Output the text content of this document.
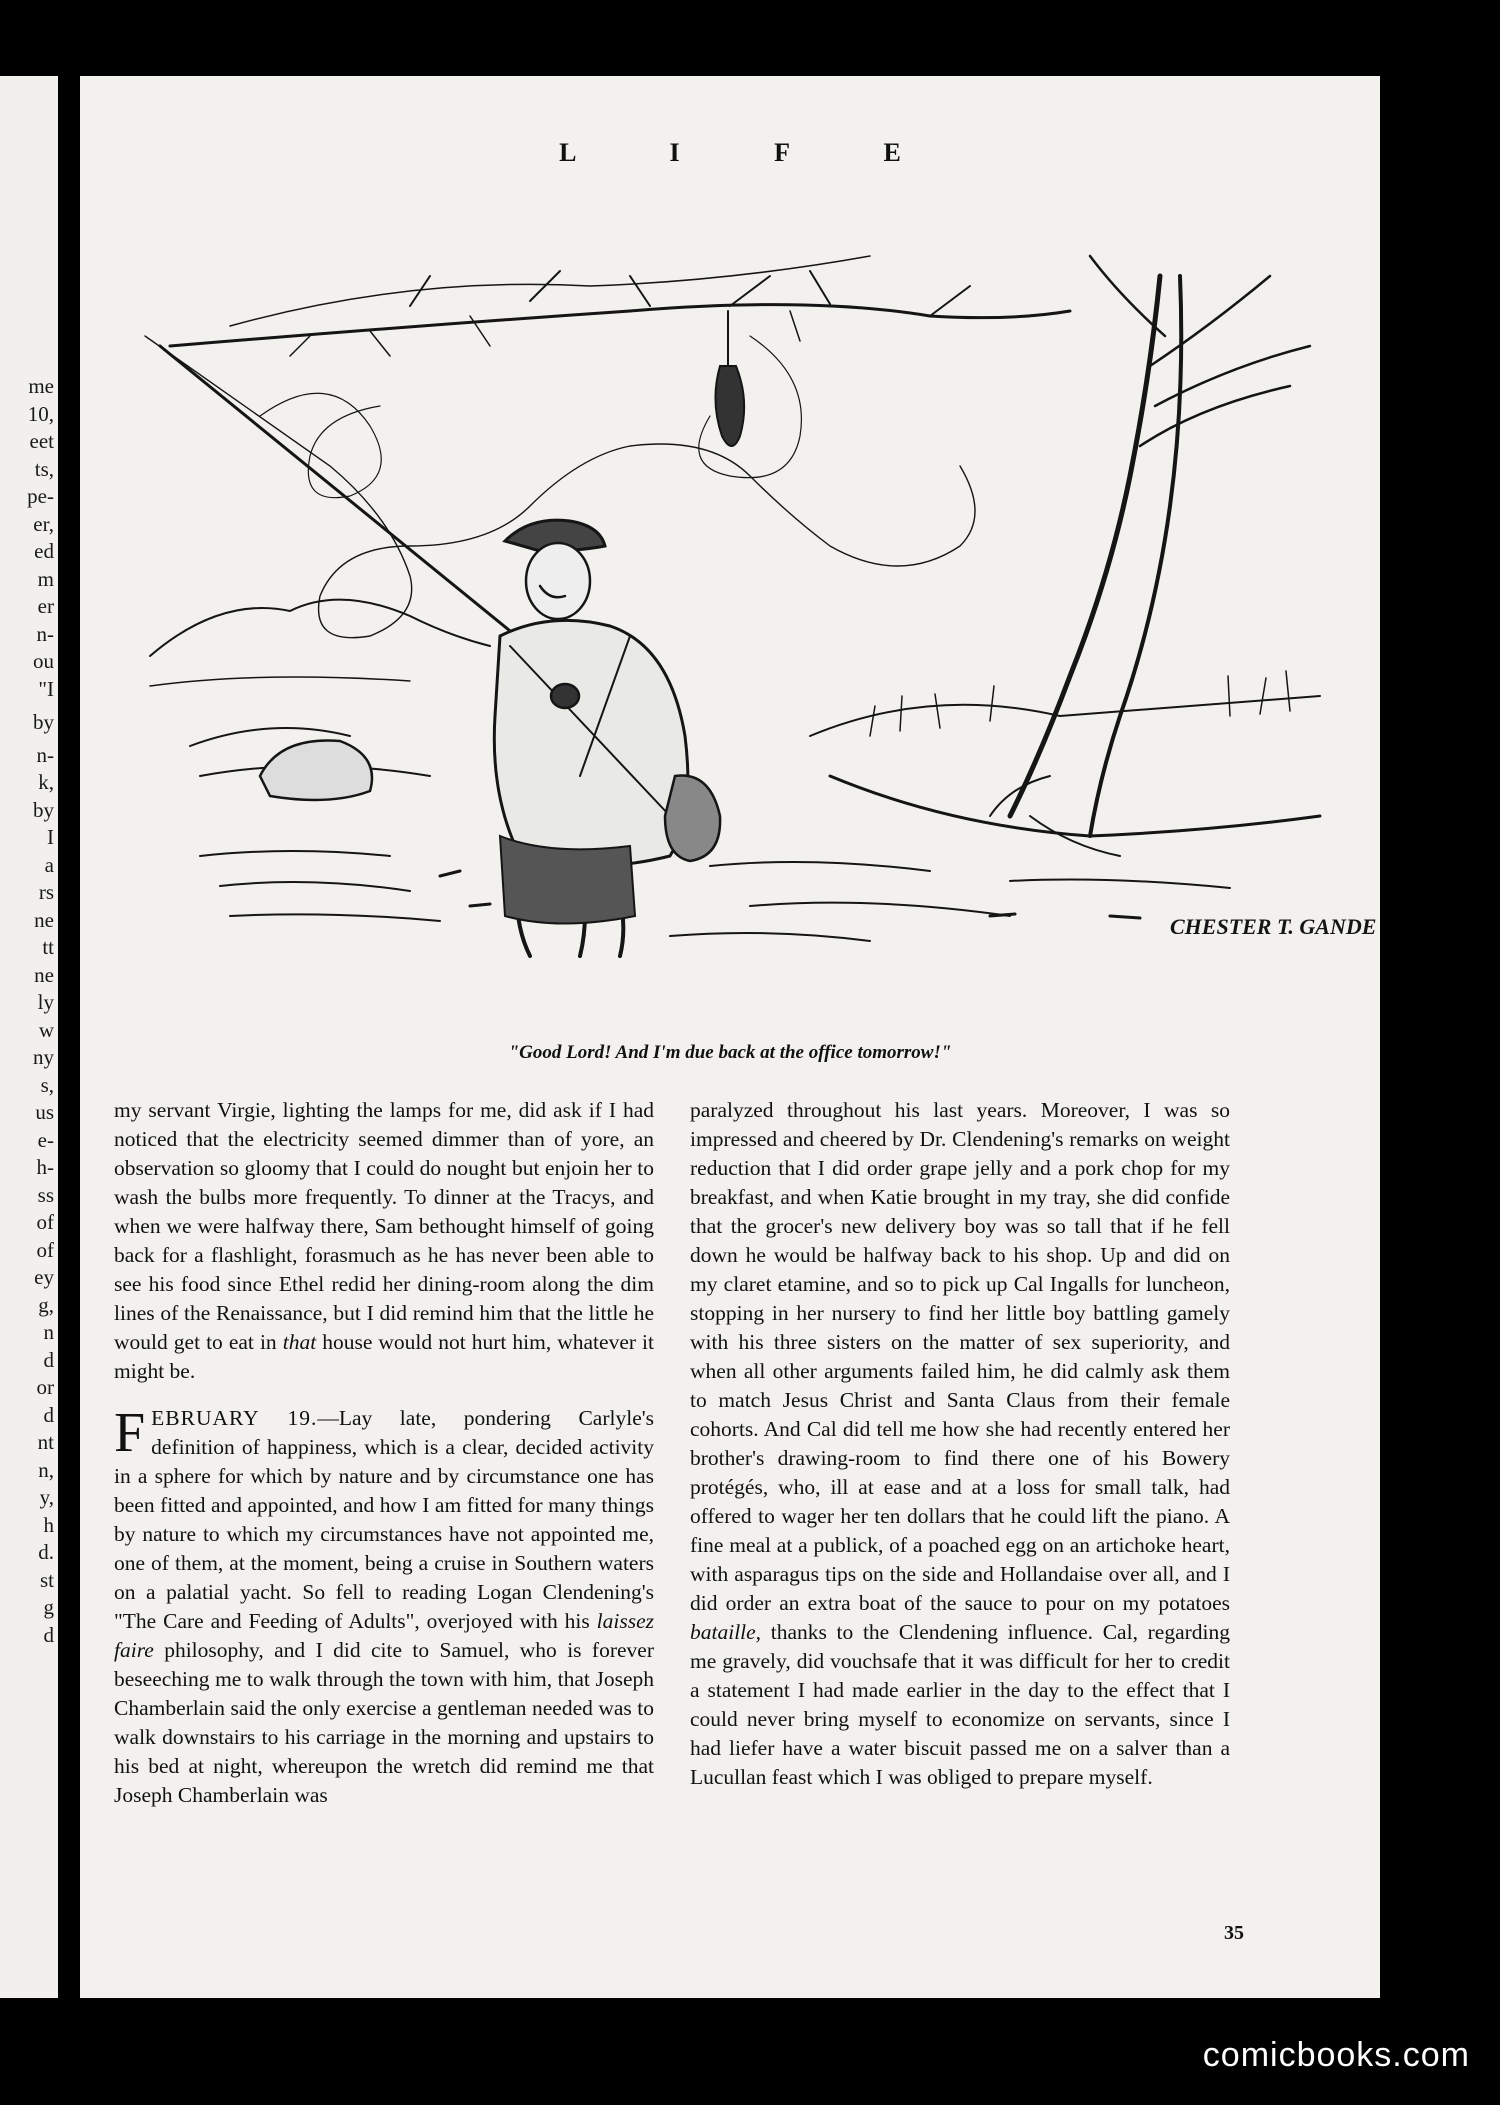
me
10,
eet
ts,
pe-
er,
ed
m
er
n-
ou
"I
by
n-
k,
by
I
a
rs
ne
tt
ne
ly
w
ny
s,
us
e-
h-
ss
of
of
ey
g,
n
d
or
d
nt
n,
y,
h
d.
st
g
d
L I F E
CHESTER T. GANDE
"Good Lord! And I'm due back at the office tomorrow!"

my servant Virgie, lighting the lamps for me, did ask if I had noticed that the electricity seemed dimmer than of yore, an observation so gloomy that I could do nought but enjoin her to wash the bulbs more frequently. To dinner at the Tracys, and when we were halfway there, Sam bethought himself of going back for a flashlight, forasmuch as he has never been able to see his food since Ethel redid her dining-room along the dim lines of the Renaissance, but I did remind him that the little he would get to eat in that house would not hurt him, whatever it might be.

FEBRUARY 19.—Lay late, pondering Carlyle's definition of happiness, which is a clear, decided activity in a sphere for which by nature and by circumstance one has been fitted and appointed, and how I am fitted for many things by nature to which my circumstances have not appointed me, one of them, at the moment, being a cruise in Southern waters on a palatial yacht. So fell to reading Logan Clendening's "The Care and Feeding of Adults", overjoyed with his laissez faire philosophy, and I did cite to Samuel, who is forever beseeching me to walk through the town with him, that Joseph Chamberlain said the only exercise a gentleman needed was to walk downstairs to his carriage in the morning and upstairs to his bed at night, whereupon the wretch did remind me that Joseph Chamberlain was

paralyzed throughout his last years. Moreover, I was so impressed and cheered by Dr. Clendening's remarks on weight reduction that I did order grape jelly and a pork chop for my breakfast, and when Katie brought in my tray, she did confide that the grocer's new delivery boy was so tall that if he fell down he would be halfway back to his shop. Up and did on my claret etamine, and so to pick up Cal Ingalls for luncheon, stopping in her nursery to find her little boy battling gamely with his three sisters on the matter of sex superiority, and when all other arguments failed him, he did calmly ask them to match Jesus Christ and Santa Claus from their female cohorts. And Cal did tell me how she had recently entered her brother's drawing-room to find there one of his Bowery protégés, who, ill at ease and at a loss for small talk, had offered to wager her ten dollars that he could lift the piano. A fine meal at a publick, of a poached egg on an artichoke heart, with asparagus tips on the side and Hollandaise over all, and I did order an extra boat of the sauce to pour on my potatoes bataille, thanks to the Clendening influence. Cal, regarding me gravely, did vouchsafe that it was difficult for her to credit a statement I had made earlier in the day to the effect that I could never bring myself to economize on servants, since I had liefer have a water biscuit passed me on a salver than a Lucullan feast which I was obliged to prepare myself.

35
comicbooks.com
